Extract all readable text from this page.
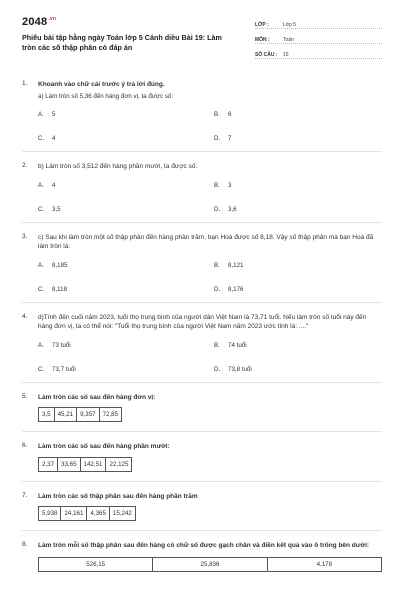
$2048^{.vn}$
Phiếu bài tập hằng ngày Toán lớp 5 Cánh diều Bài 19: Làm tròn các số thập phân có đáp án
LỚP :	Lớp 5
MÔN :	Toán
SỐ CÂU :	15
1. Khoanh vào chữ cái trước ý trả lời đúng.
a) Làm tròn số 5,36 đến hàng đơn vị, ta được số:
A. 5	B. 6
C. 4	D. 7
2. b) Làm tròn số 3,512 đến hàng phần mười, ta được số:
A. 4	B. 3
C. 3,5	D. 3,6
3. c) Sau khi làm tròn một số thập phân đến hàng phần trăm, bạn Hoà được số 8,18. Vậy số thập phân mà bạn Hoà đã làm tròn là:
A. 8,185	B. 8,121
C. 8,118	D. 8,176
4. d)Tính đến cuối năm 2023, tuổi thọ trung bình của người dân Việt Nam là 73,71 tuổi. Nếu làm tròn số tuổi này đến hàng đơn vị, ta có thể nói: "Tuổi thọ trung bình của người Việt Nam năm 2023 ước tính là: ...."
A. 73 tuổi	B. 74 tuổi
C. 73,7 tuổi	D. 73,8 tuổi
5. Làm tròn các số sau đến hàng đơn vị:
3,5	45,21	9,357	72,85
6. Làm tròn các số sau đến hàng phần mười:
2,37	33,65	142,51	22,125
7. Làm tròn các số thập phân sau đến hàng phần trăm
5,938	24,161	4,365	15,242
8. Làm tròn mỗi số thập phân sau đến hàng có chữ số được gạch chân và điền kết quả vào ô trống bên dưới:
526,15	25,836	4,178
